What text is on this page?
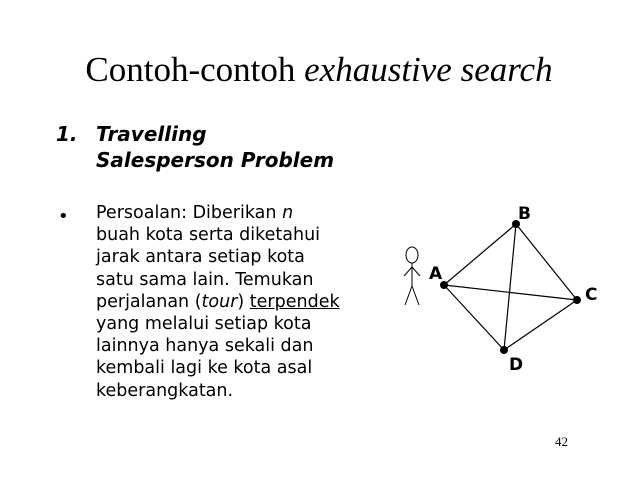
Contoh-contoh exhaustive search
1. Travelling
Salesperson Problem
• Persoalan: Diberikan n
buah kota serta diketahui
jarak antara setiap kota
satu sama lain. Temukan
perjalanan (tour) terpendek
yang melalui setiap kota
lainnya hanya sekali dan
kembali lagi ke kota asal
keberangkatan.
A
B
C
D
42
